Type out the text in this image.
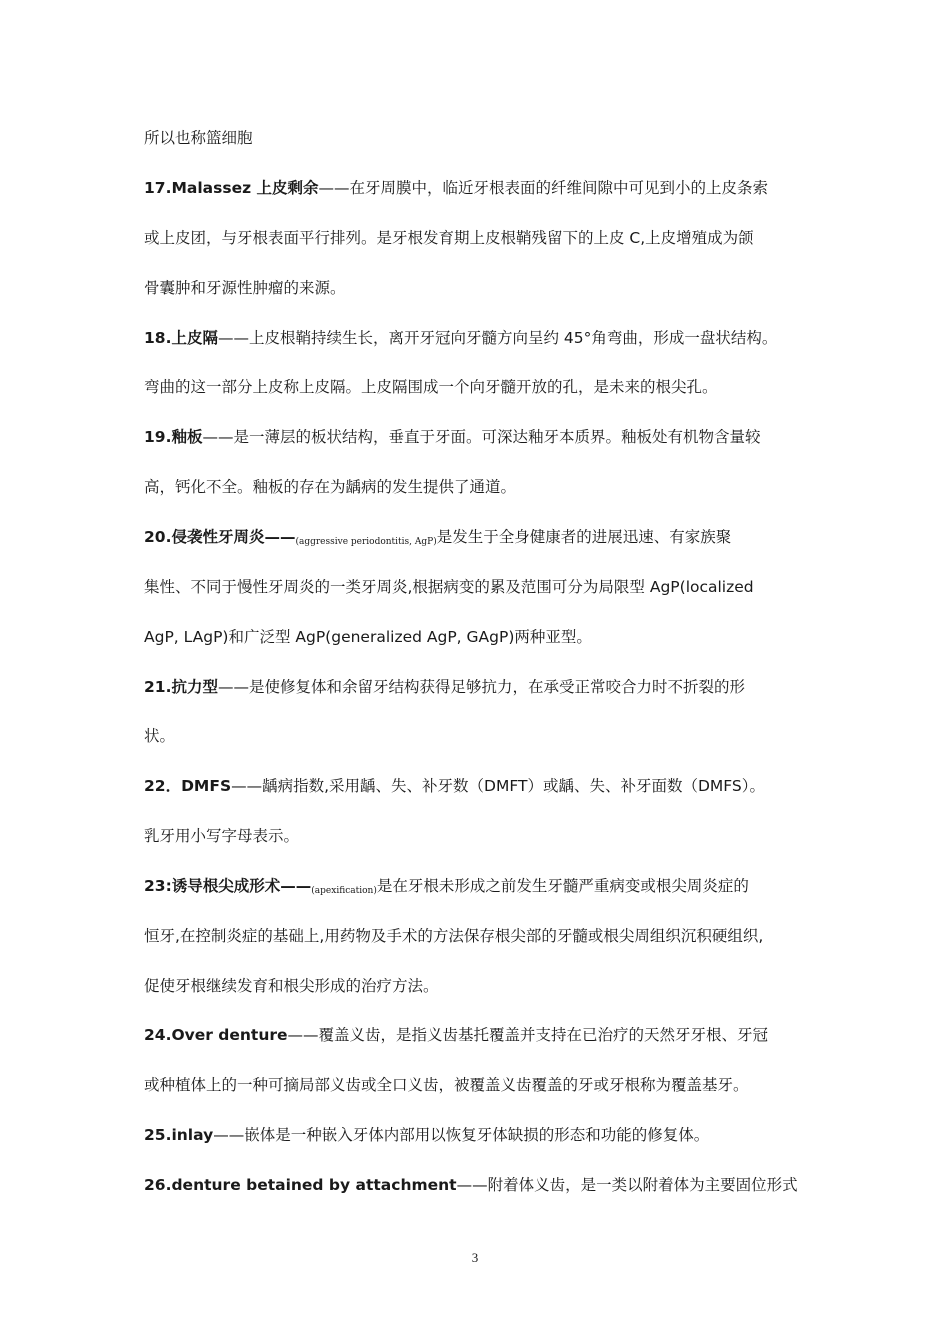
所以也称篮细胞
17.Malassez 上皮剩余——在牙周膜中，临近牙根表面的纤维间隙中可见到小的上皮条索
或上皮团，与牙根表面平行排列。是牙根发育期上皮根鞘残留下的上皮 C,上皮增殖成为颌
骨囊肿和牙源性肿瘤的来源。
18.上皮隔——上皮根鞘持续生长，离开牙冠向牙髓方向呈约 45°角弯曲，形成一盘状结构。
弯曲的这一部分上皮称上皮隔。上皮隔围成一个向牙髓开放的孔，是未来的根尖孔。
19.釉板——是一薄层的板状结构，垂直于牙面。可深达釉牙本质界。釉板处有机物含量较
高，钙化不全。釉板的存在为龋病的发生提供了通道。
20.侵袭性牙周炎——(aggressive periodontitis, AgP)是发生于全身健康者的进展迅速、有家族聚
集性、不同于慢性牙周炎的一类牙周炎,根据病变的累及范围可分为局限型 AgP(localized
AgP, LAgP)和广泛型 AgP(generalized AgP, GAgP)两种亚型。
21.抗力型——是使修复体和余留牙结构获得足够抗力，在承受正常咬合力时不折裂的形
状。
22．DMFS——龋病指数,采用龋、失、补牙数（DMFT）或龋、失、补牙面数（DMFS）。
乳牙用小写字母表示。
23:诱导根尖成形术——(apexification)是在牙根未形成之前发生牙髓严重病变或根尖周炎症的
恒牙,在控制炎症的基础上,用药物及手术的方法保存根尖部的牙髓或根尖周组织沉积硬组织,
促使牙根继续发育和根尖形成的治疗方法。
24.Over denture——覆盖义齿，是指义齿基托覆盖并支持在已治疗的天然牙牙根、牙冠
或种植体上的一种可摘局部义齿或全口义齿，被覆盖义齿覆盖的牙或牙根称为覆盖基牙。
25.inlay——嵌体是一种嵌入牙体内部用以恢复牙体缺损的形态和功能的修复体。
26.denture betained by attachment——附着体义齿，是一类以附着体为主要固位形式
3
